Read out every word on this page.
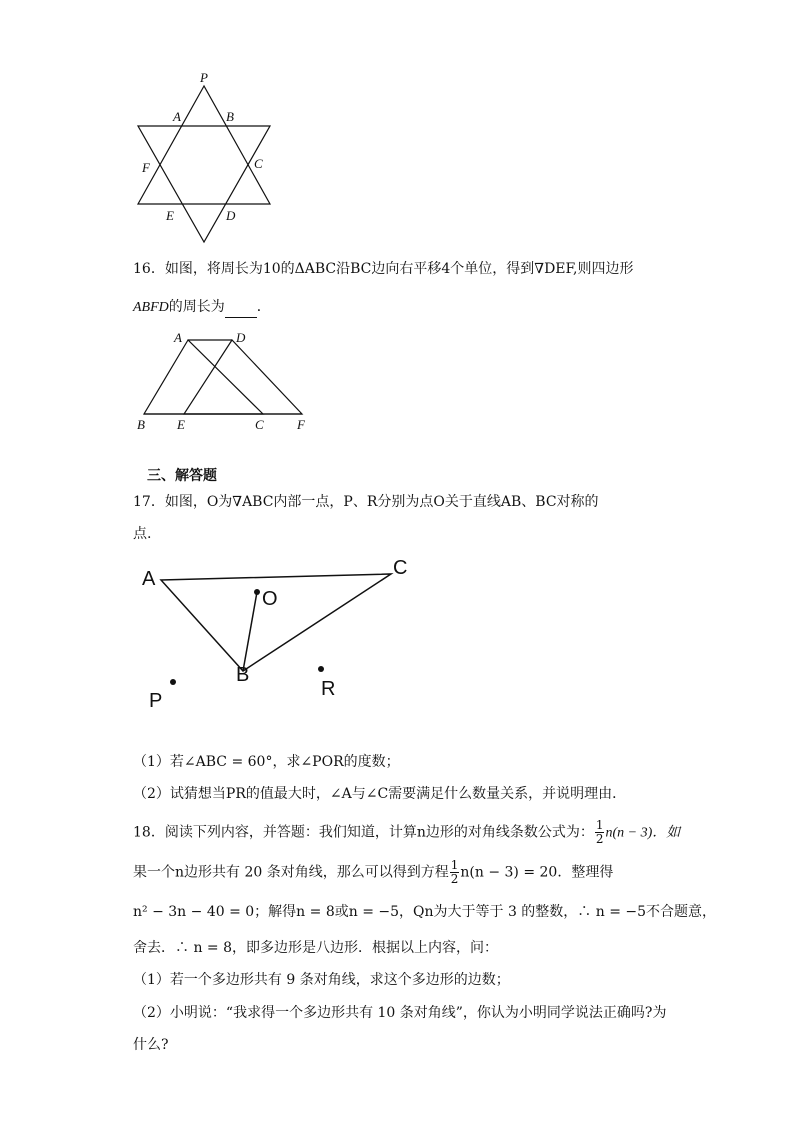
P
A	B
F	C
E	D
16．如图，将周长为10的ΔABC沿BC边向右平移4个单位，得到∇DEF,则四边形
ABFD的周长为 ．
A	D
B E	C	F
三、解答题
17．如图，O为∇ABC内部一点，P、R分别为点O关于直线AB、BC对称的
点.
A	C
O
B
P
R
（1）若∠ABC = 60°，求∠POR的度数；
（2）试猜想当PR的值最大时，∠A与∠C需要满足什么数量关系，并说明理由．
18．阅读下列内容，并答题：我们知道，计算n边形的对角线条数公式为： $\frac{1}{2} n(n - 3)$．如
果一个n边形共有 20 条对角线，那么可以得到方程 $\frac{1}{2} n(n - 3) = 20$．整理得
n² − 3n − 40 = 0；解得n = 8或n = −5，Qn为大于等于 3 的整数，∴ n = −5不合题意，
舍去．∴ n = 8，即多边形是八边形．根据以上内容，问：
（1）若一个多边形共有 9 条对角线，求这个多边形的边数；
（2）小明说：“我求得一个多边形共有 10 条对角线”，你认为小明同学说法正确吗?为
什么?
